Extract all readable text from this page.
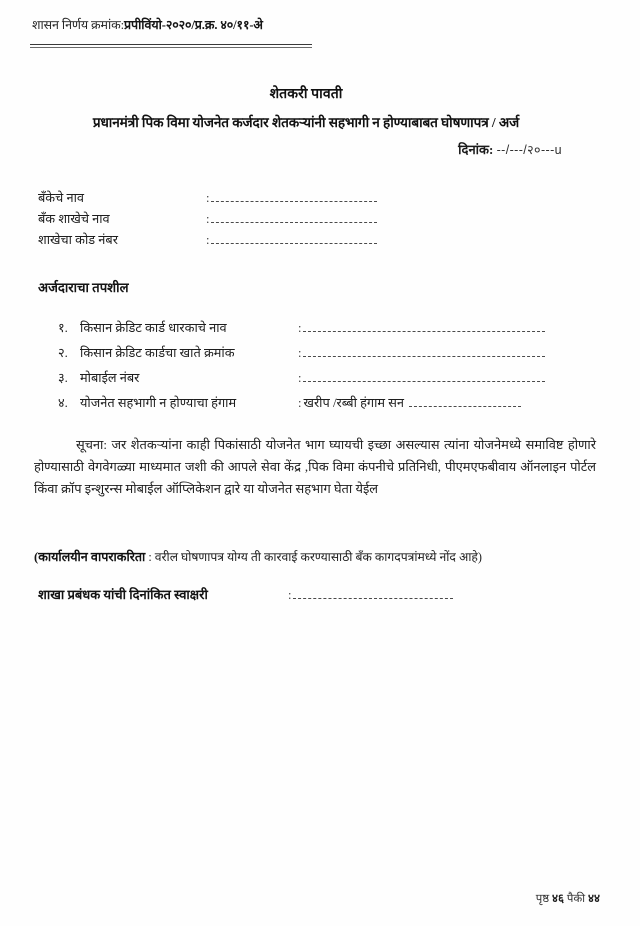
शासन निर्णय क्रमांक:प्रपीविंयो-२०२०/प्र.क्र. ४०/११-अे
शेतकरी पावती
प्रधानमंत्री पिक विमा योजनेत कर्जदार शेतकऱ्यांनी सहभागी न होण्याबाबत घोषणापत्र / अर्ज
दिनांक: --/---/२०---u
बँकेचे नाव	:
बँक शाखेचे नाव	:
शाखेचा कोड नंबर	:
अर्जदाराचा तपशील
१. किसान क्रेडिट कार्ड धारकाचे नाव	:
२. किसान क्रेडिट कार्डचा खाते क्रमांक	:
३. मोबाईल नंबर	:
४. योजनेत सहभागी न होण्याचा हंगाम	: खरीप /रब्बी हंगाम सन
सूचना: जर शेतकऱ्यांना काही पिकांसाठी योजनेत भाग घ्यायची इच्छा असल्यास त्यांना योजनेमध्ये समाविष्ट होणारे होण्यासाठी वेगवेगळ्या माध्यमात जशी की आपले सेवा केंद्र ,पिक विमा कंपनीचे प्रतिनिधी, पीएमएफबीवाय ऑनलाइन पोर्टल किंवा क्रॉप इन्शुरन्स मोबाईल ऑप्लिकेशन द्वारे या योजनेत सहभाग घेता येईल
(कार्यालयीन वापराकरिता : वरील घोषणापत्र योग्य ती कारवाई करण्यासाठी बँक कागदपत्रांमध्ये नोंद आहे)
शाखा प्रबंधक यांची दिनांकित स्वाक्षरी	:
पृष्ठ ४६ पैकी ४४
